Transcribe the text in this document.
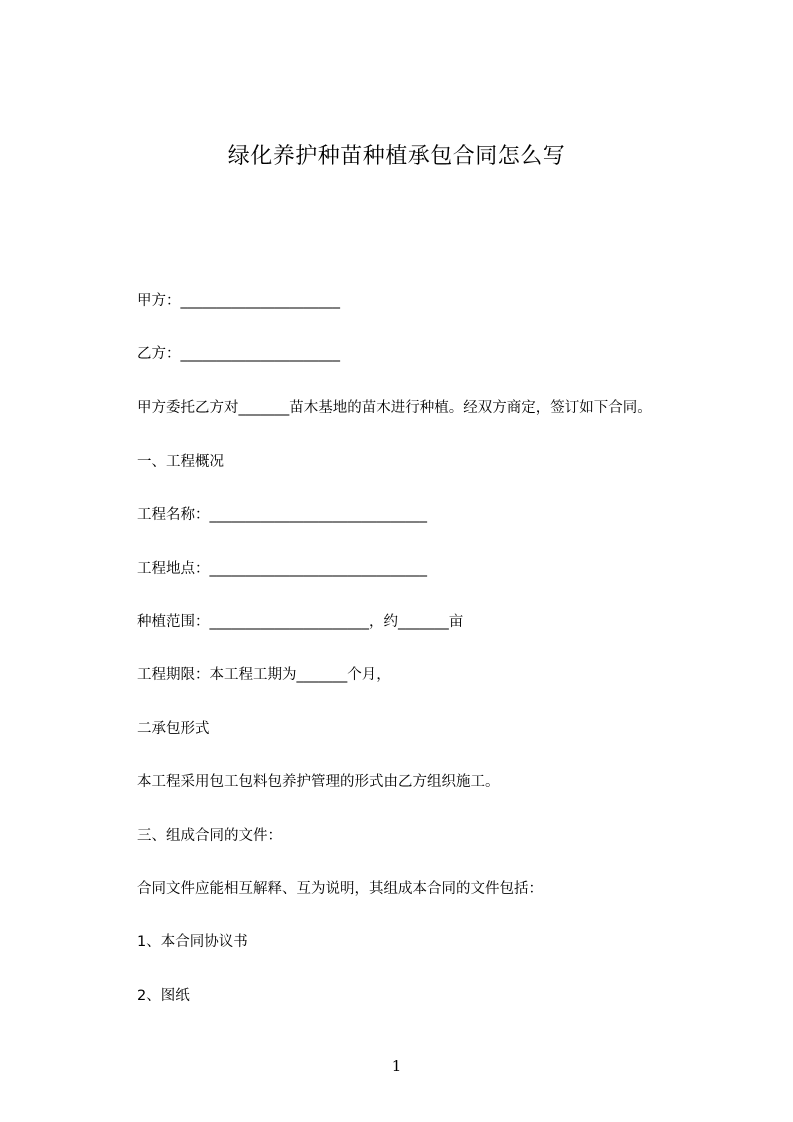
绿化养护种苗种植承包合同怎么写
甲方：______________________
乙方：______________________
甲方委托乙方对_______苗木基地的苗木进行种植。经双方商定，签订如下合同。
一、工程概况
工程名称：______________________________
工程地点：______________________________
种植范围：______________________，约_______亩
工程期限：本工程工期为_______个月，
二承包形式
本工程采用包工包料包养护管理的形式由乙方组织施工。
三、组成合同的文件：
合同文件应能相互解释、互为说明，其组成本合同的文件包括：
1、本合同协议书
2、图纸
1
